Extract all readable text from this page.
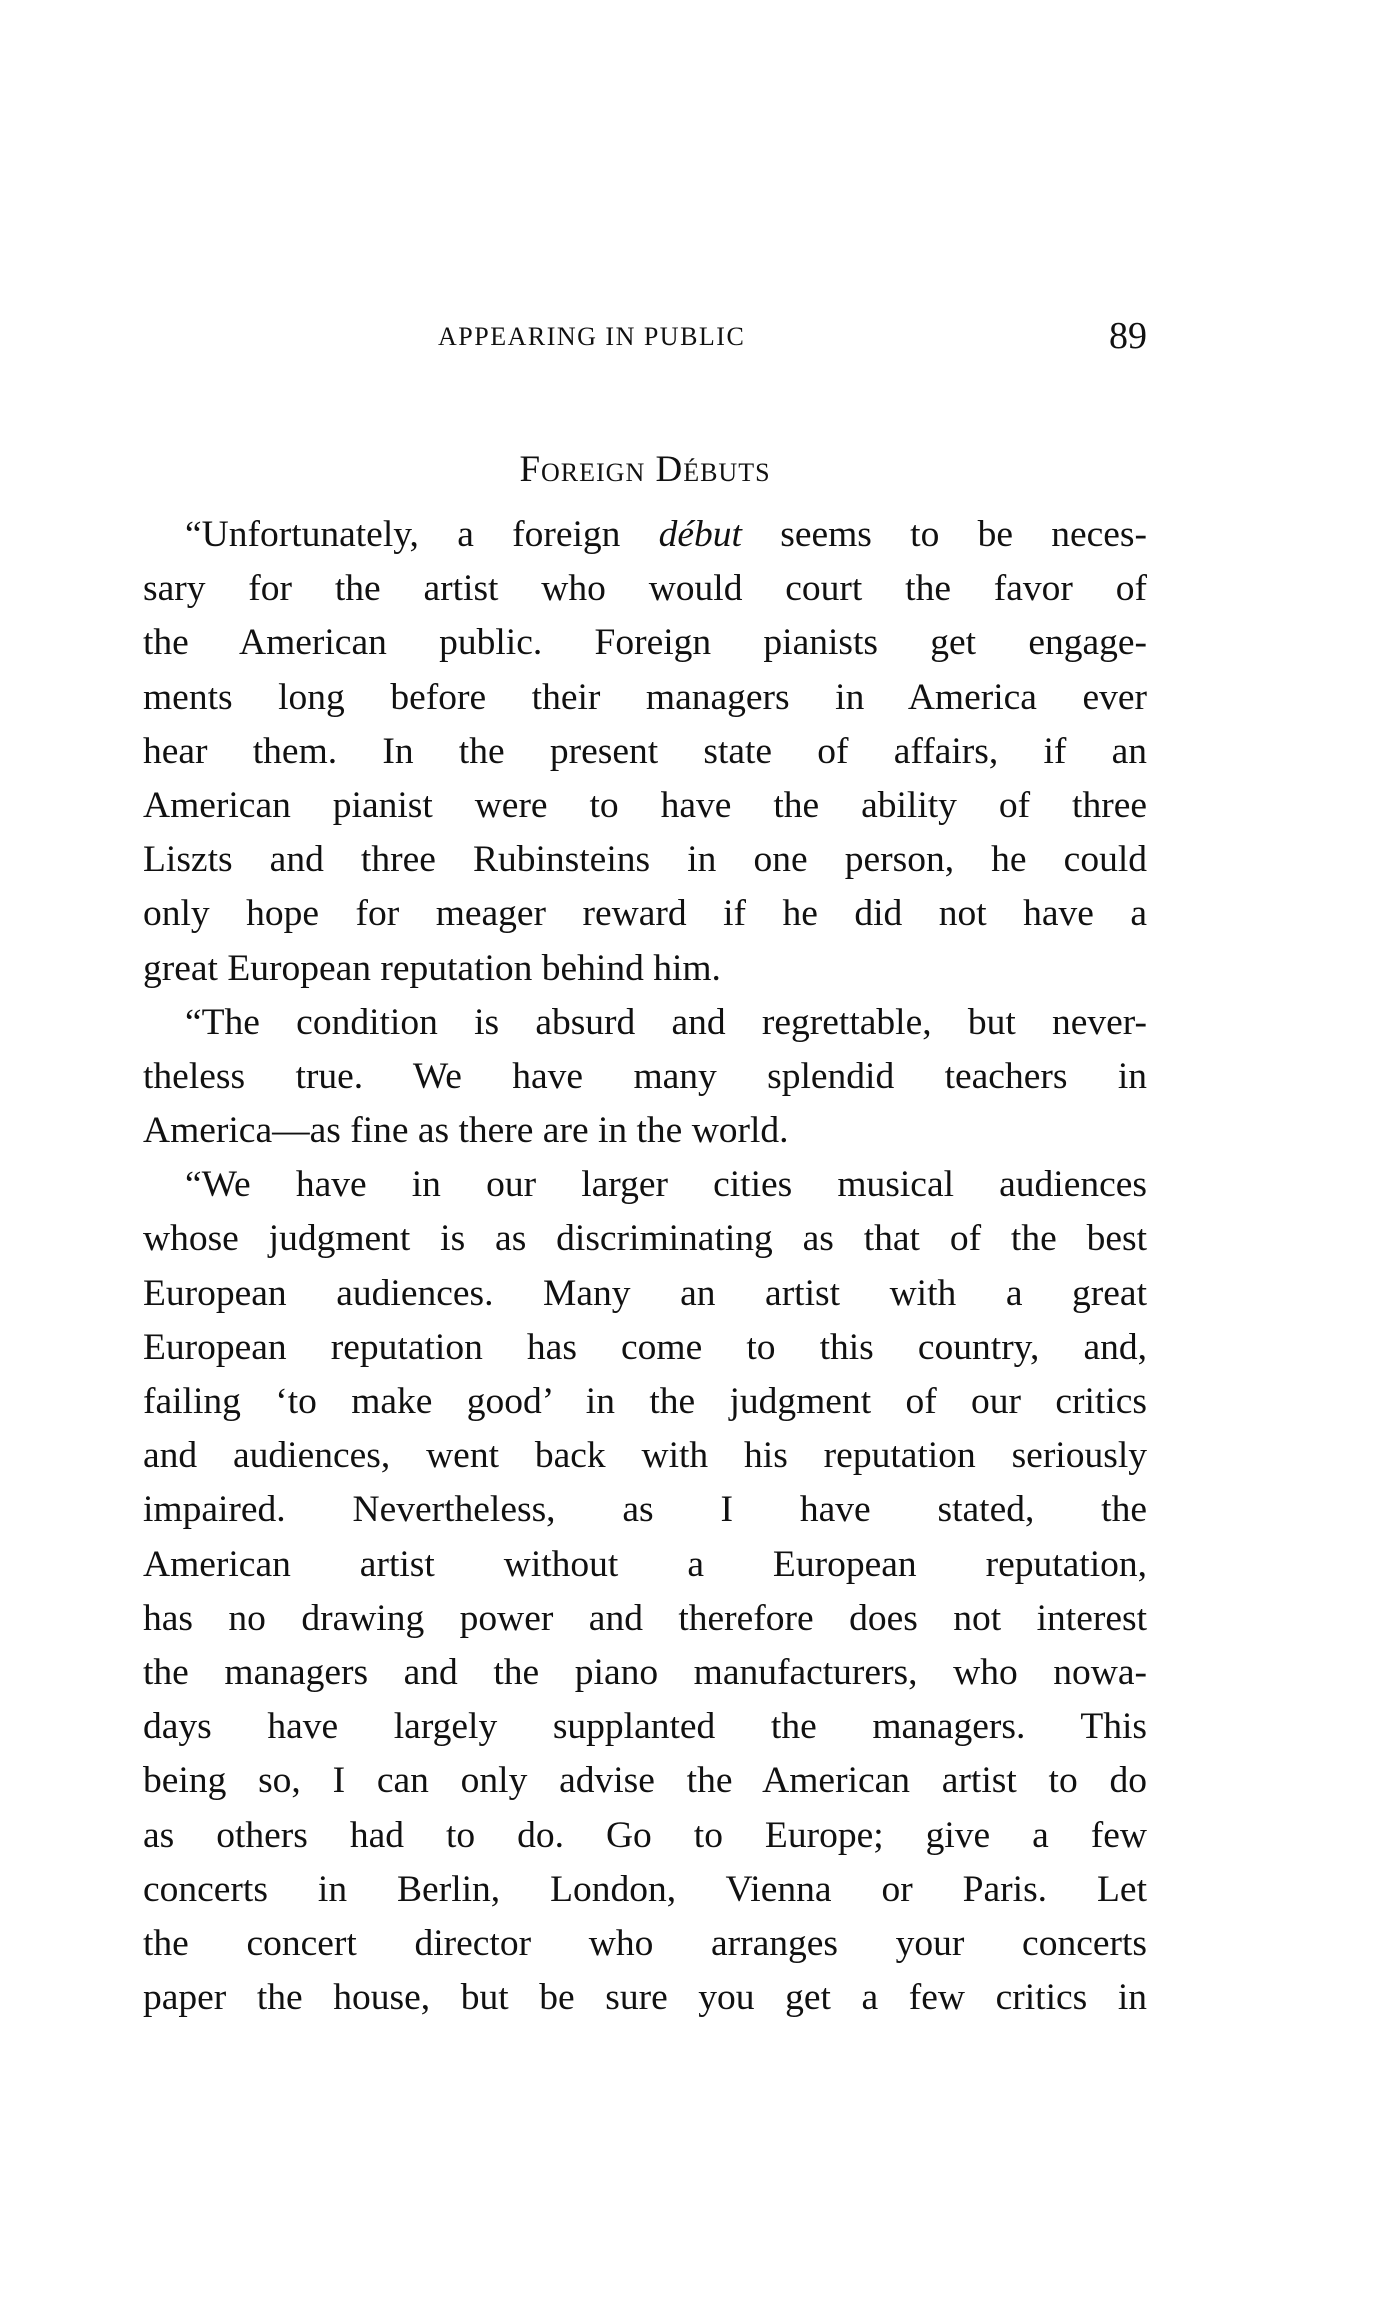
APPEARING IN PUBLIC	89
Foreign Débuts
“Unfortunately, a foreign début seems to be neces-
sary for the artist who would court the favor of
the American public. Foreign pianists get engage-
ments long before their managers in America ever
hear them. In the present state of affairs, if an
American pianist were to have the ability of three
Liszts and three Rubinsteins in one person, he could
only hope for meager reward if he did not have a
great European reputation behind him.
“The condition is absurd and regrettable, but never-
theless true. We have many splendid teachers in
America—as fine as there are in the world.
“We have in our larger cities musical audiences
whose judgment is as discriminating as that of the best
European audiences. Many an artist with a great
European reputation has come to this country, and,
failing ‘to make good’ in the judgment of our critics
and audiences, went back with his reputation seriously
impaired. Nevertheless, as I have stated, the
American artist without a European reputation,
has no drawing power and therefore does not interest
the managers and the piano manufacturers, who nowa-
days have largely supplanted the managers. This
being so, I can only advise the American artist to do
as others had to do. Go to Europe; give a few
concerts in Berlin, London, Vienna or Paris. Let
the concert director who arranges your concerts
paper the house, but be sure you get a few critics in
